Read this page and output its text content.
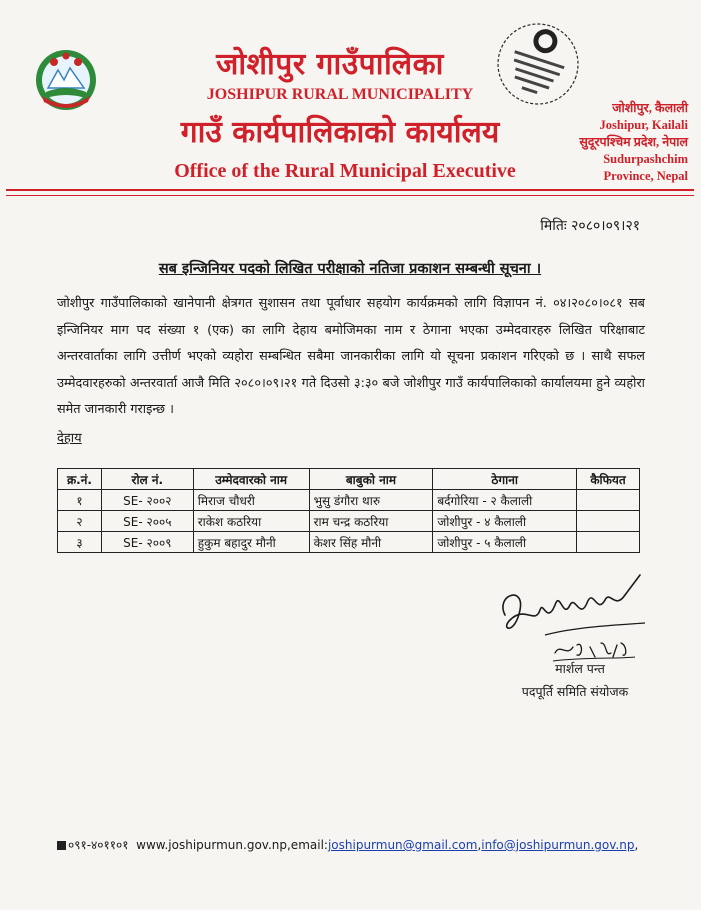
जोशीपुर गाउँपालिका
JOSHIPUR RURAL MUNICIPALITY
गाउँ कार्यपालिकाको कार्यालय
Office of the Rural Municipal Executive
जोशीपुर, कैलाली
Joshipur, Kailali
सुदूरपश्चिम प्रदेश, नेपाल
Sudurpashchim
Province, Nepal
मितिः २०८०।०९।२१
सब इन्जिनियर पदको लिखित परीक्षाको नतिजा प्रकाशन सम्बन्धी सूचना ।
जोशीपुर गाउँपालिकाको खानेपानी क्षेत्रगत सुशासन तथा पूर्वाधार सहयोग कार्यक्रमको लागि विज्ञापन नं. ०४।२०८०।०८१ सब इन्जिनियर माग पद संख्या १ (एक) का लागि देहाय बमोजिमका नाम र ठेगाना भएका उम्मेदवारहरु लिखित परिक्षाबाट अन्तरवार्ताका लागि उत्तीर्ण भएको व्यहोरा सम्बन्धित सबैमा जानकारीका लागि यो सूचना प्रकाशन गरिएको छ । साथै सफल उम्मेदवारहरुको अन्तरवार्ता आजै मिति २०८०।०९।२१ गते दिउसो ३:३० बजे जोशीपुर गाउँ कार्यपालिकाको कार्यालयमा हुने व्यहोरा समेत जानकारी गराइन्छ ।
देहाय
क्र.नं.	रोल नं.	उम्मेदवारको नाम	बाबुको नाम	ठेगाना	कैफियत
१	SE- २००२	मिराज चौधरी	भुसु डंगौरा थारु	बर्दगोरिया - २ कैलाली	
२	SE- २००५	राकेश कठरिया	राम चन्द्र कठरिया	जोशीपुर - ४ कैलाली	
३	SE- २००९	हुकुम बहादुर मौनी	केशर सिंह मौनी	जोशीपुर - ५ कैलाली	
मार्शल पन्त
पदपूर्ति समिति संयोजक
०९१-४०११०१ www.joshipurmun.gov.np,email:joshipurmun@gmail.com,info@joshipurmun.gov.np,
